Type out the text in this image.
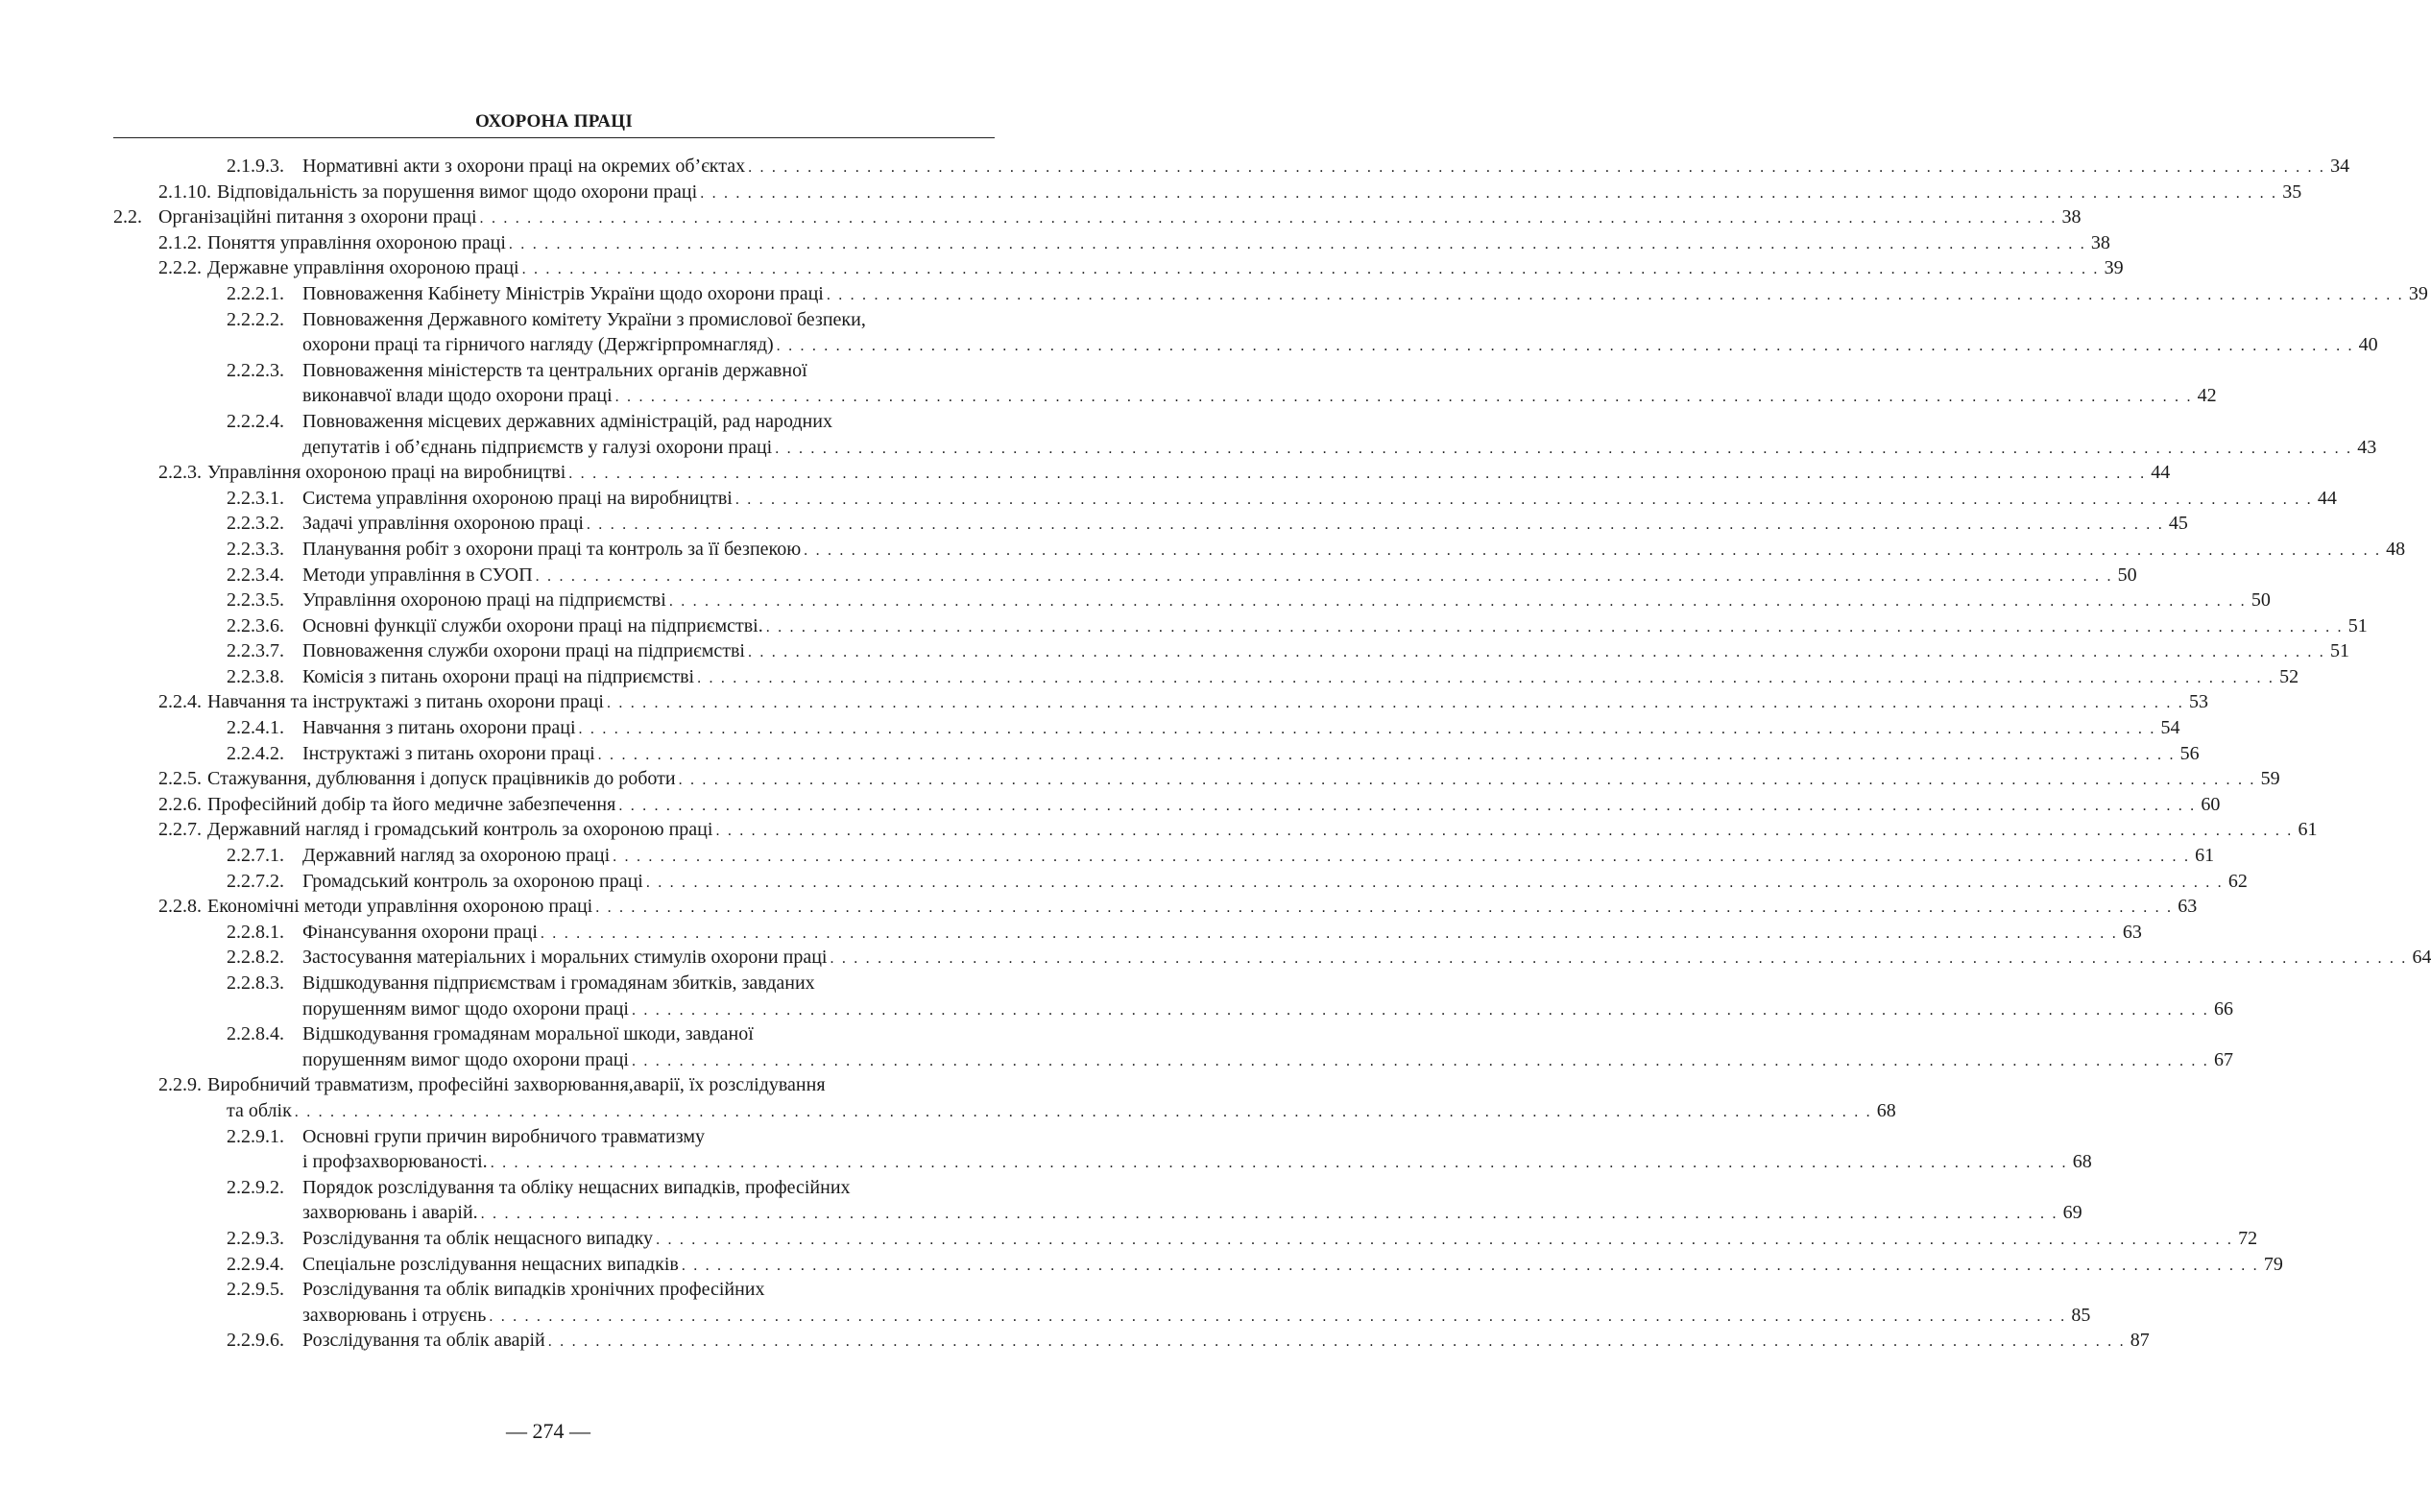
ОХОРОНА ПРАЦІ
2.1.9.3. Нормативні акти з охорони праці на окремих об’єктах . . .	34
2.1.10. Відповідальність за порушення вимог щодо охорони праці . . .	35
2.2. Організаційні питання з охорони праці . . .	38
2.1.2. Поняття управління охороною праці . . .	38
2.2.2. Державне управління охороною праці . . .	39
2.2.2.1. Повноваження Кабінету Міністрів України щодо охорони праці . . .	39
2.2.2.2. Повноваження Державного комітету України з промислової безпеки,
охорони праці та гірничого нагляду (Держгірпромнагляд) . . .	40
2.2.2.3. Повноваження міністерств та центральних органів державної
виконавчої влади щодо охорони праці . . .	42
2.2.2.4. Повноваження місцевих державних адміністрацій, рад народних
депутатів і об’єднань підприємств у галузі охорони праці . . .	43
2.2.3. Управління охороною праці на виробництві . . .	44
2.2.3.1. Система управління охороною праці на виробництві . . .	44
2.2.3.2. Задачі управління охороною праці . . .	45
2.2.3.3. Планування робіт з охорони праці та контроль за її безпекою . . .	48
2.2.3.4. Методи управління в СУОП . . .	50
2.2.3.5. Управління охороною праці на підприємстві . . .	50
2.2.3.6. Основні функції служби охорони праці на підприємстві. . . .	51
2.2.3.7. Повноваження служби охорони праці на підприємстві . . .	51
2.2.3.8. Комісія з питань охорони праці на підприємстві . . .	52
2.2.4. Навчання та інструктажі з питань охорони праці . . .	53
2.2.4.1. Навчання з питань охорони праці . . .	54
2.2.4.2. Інструктажі з питань охорони праці . . .	56
2.2.5. Стажування, дублювання і допуск працівників до роботи . . .	59
2.2.6. Професійний добір та його медичне забезпечення . . .	60
2.2.7. Державний нагляд і громадський контроль за охороною праці . . .	61
2.2.7.1. Державний нагляд за охороною праці . . .	61
2.2.7.2. Громадський контроль за охороною праці . . .	62
2.2.8. Економічні методи управління охороною праці . . .	63
2.2.8.1. Фінансування охорони праці . . .	63
2.2.8.2. Застосування матеріальних і моральних стимулів охорони праці . . .	64
2.2.8.3. Відшкодування підприємствам і громадянам збитків, завданих
порушенням вимог щодо охорони праці . . .	66
2.2.8.4. Відшкодування громадянам моральної шкоди, завданої
порушенням вимог щодо охорони праці . . .	67
2.2.9. Виробничий травматизм, професійні захворювання,аварії, їх розслідування
та облік . . .	68
2.2.9.1. Основні групи причин виробничого травматизму
і профзахворюваності. . . .	68
2.2.9.2. Порядок розслідування та обліку нещасних випадків, професійних
захворювань і аварій. . . .	69
2.2.9.3. Розслідування та облік нещасного випадку . . .	72
2.2.9.4. Спеціальне розслідування нещасних випадків . . .	79
2.2.9.5. Розслідування та облік випадків хронічних професійних
захворювань і отруєнь . . .	85
2.2.9.6. Розслідування та облік аварій . . .	87
— 274 —
